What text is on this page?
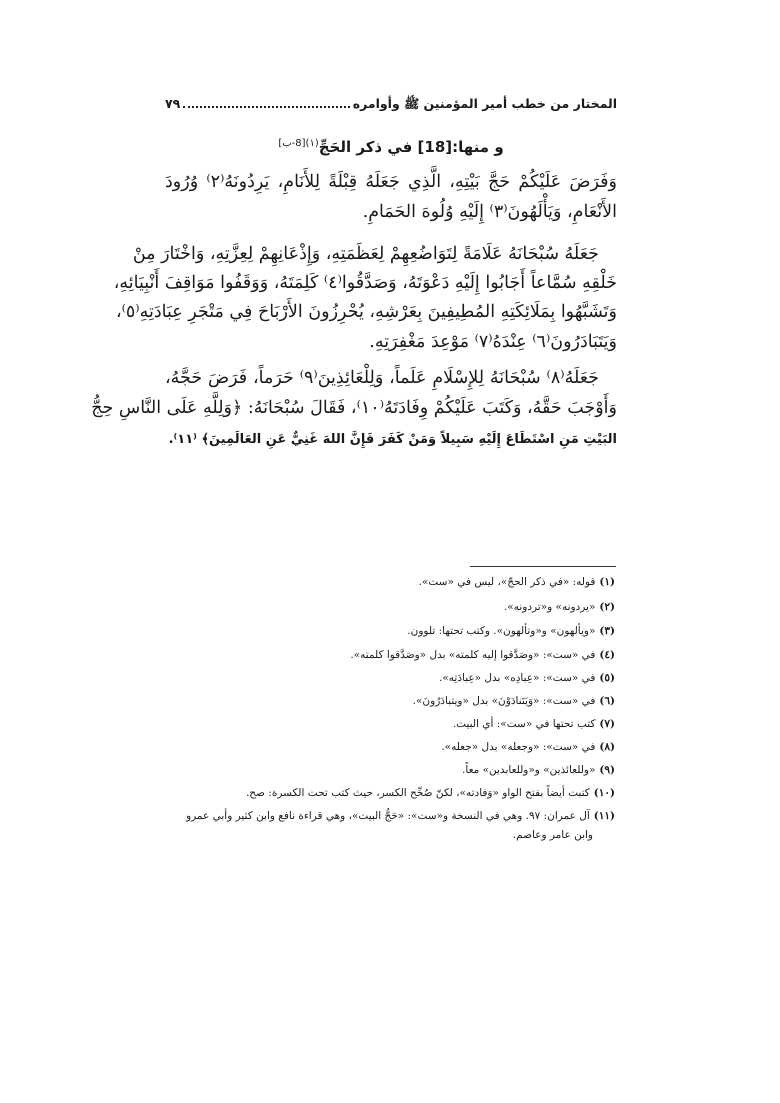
المختار من خطب أمير المؤمنين ﷺ وأوامره
٧٩
و منها:[18] في ذكر الحَجِّ$^{(١)[8-ب]}$
وَفَرَضَ عَلَيْكُمْ حَجَّ بَيْتِهِ، الَّذِي جَعَلَهُ قِبْلَةً لِلأَنَامِ، يَرِدُونَهُ⁽٢⁾ وُرُودَ
الأَنْعَامِ، وَيَأْلَهُونَ⁽٣⁾ إِلَيْهِ وُلُوهَ الحَمَامِ.
جَعَلَهُ سُبْحَانَهُ عَلَامَةً لِتَوَاضُعِهِمْ لِعَظَمَتِهِ، وَإِذْعَانِهِمْ لِعِزَّتِهِ، وَاخْتَارَ مِنْ
خَلْقِهِ سُمَّاعاً أَجَابُوا إِلَيْهِ دَعْوَتَهُ، وَصَدَّقُوا⁽٤⁾ كَلِمَتَهُ، وَوَقَفُوا مَوَاقِفَ أَنْبِيَائِهِ،
وَتَشَبَّهُوا بِمَلَائِكَتِهِ المُطِيفِينَ بِعَرْشِهِ، يُحْرِزُونَ الأَرْبَاحَ فِي مَتْجَرِ عِبَادَتِهِ⁽٥⁾،
وَيَتَبَادَرُونَ⁽٦⁾ عِنْدَهُ⁽٧⁾ مَوْعِدَ مَغْفِرَتِهِ.
جَعَلَهُ⁽٨⁾ سُبْحَانَهُ لِلإِسْلَامِ عَلَماً، وَلِلْعَائِذِينَ⁽٩⁾ حَرَماً، فَرَضَ حَجَّهُ،
وَأَوْجَبَ حَقَّهُ، وَكَتَبَ عَلَيْكُمْ وِفَادَتَهُ⁽١٠⁾، فَقَالَ سُبْحَانَهُ: ﴿وَلِلَّهِ عَلَى النَّاسِ حِجُّ
البَيْتِ مَنِ اسْتَطَاعَ إِلَيْهِ سَبِيلاً وَمَنْ كَفَرَ فَإِنَّ اللهَ غَنِيٌّ عَنِ العَالَمِينَ﴾ ⁽١١⁾.
(١)قوله: «في ذكر الحجّ»، ليس في «ست».
(٢)«يردونه» و«تردونه».
(٣)«ويألهون» و«وتألهون». وكتب تحتها: تلوون.
(٤)في «ست»: «وصَدَّقوا إليه كلمته» بدل «وصَدَّقوا كلمته».
(٥)في «ست»: «عِبادِه» بدل «عِبادَتِه».
(٦)في «ست»: «وَيَتَنادَوْنَ» بدل «ويتبادَرُونَ».
(٧)كتب تحتها في «ست»: أي البيت.
(٨)في «ست»: «وجعله» بدل «جعله».
(٩)«وللعائذين» و«وللعابدين» معاً.
(١٠)كتبت أيضاً بفتح الواو «وَفادته»، لكنّ صُحِّح الكسر، حيث كتب تحت الكسرة: صح.
(١١)آل عمران: ٩٧. وهي في النسخة و«ست»: «حَجُّ البيت»، وهي قراءة نافع وابن كثير وأبي عمرو
وابن عامر وعاصم.
